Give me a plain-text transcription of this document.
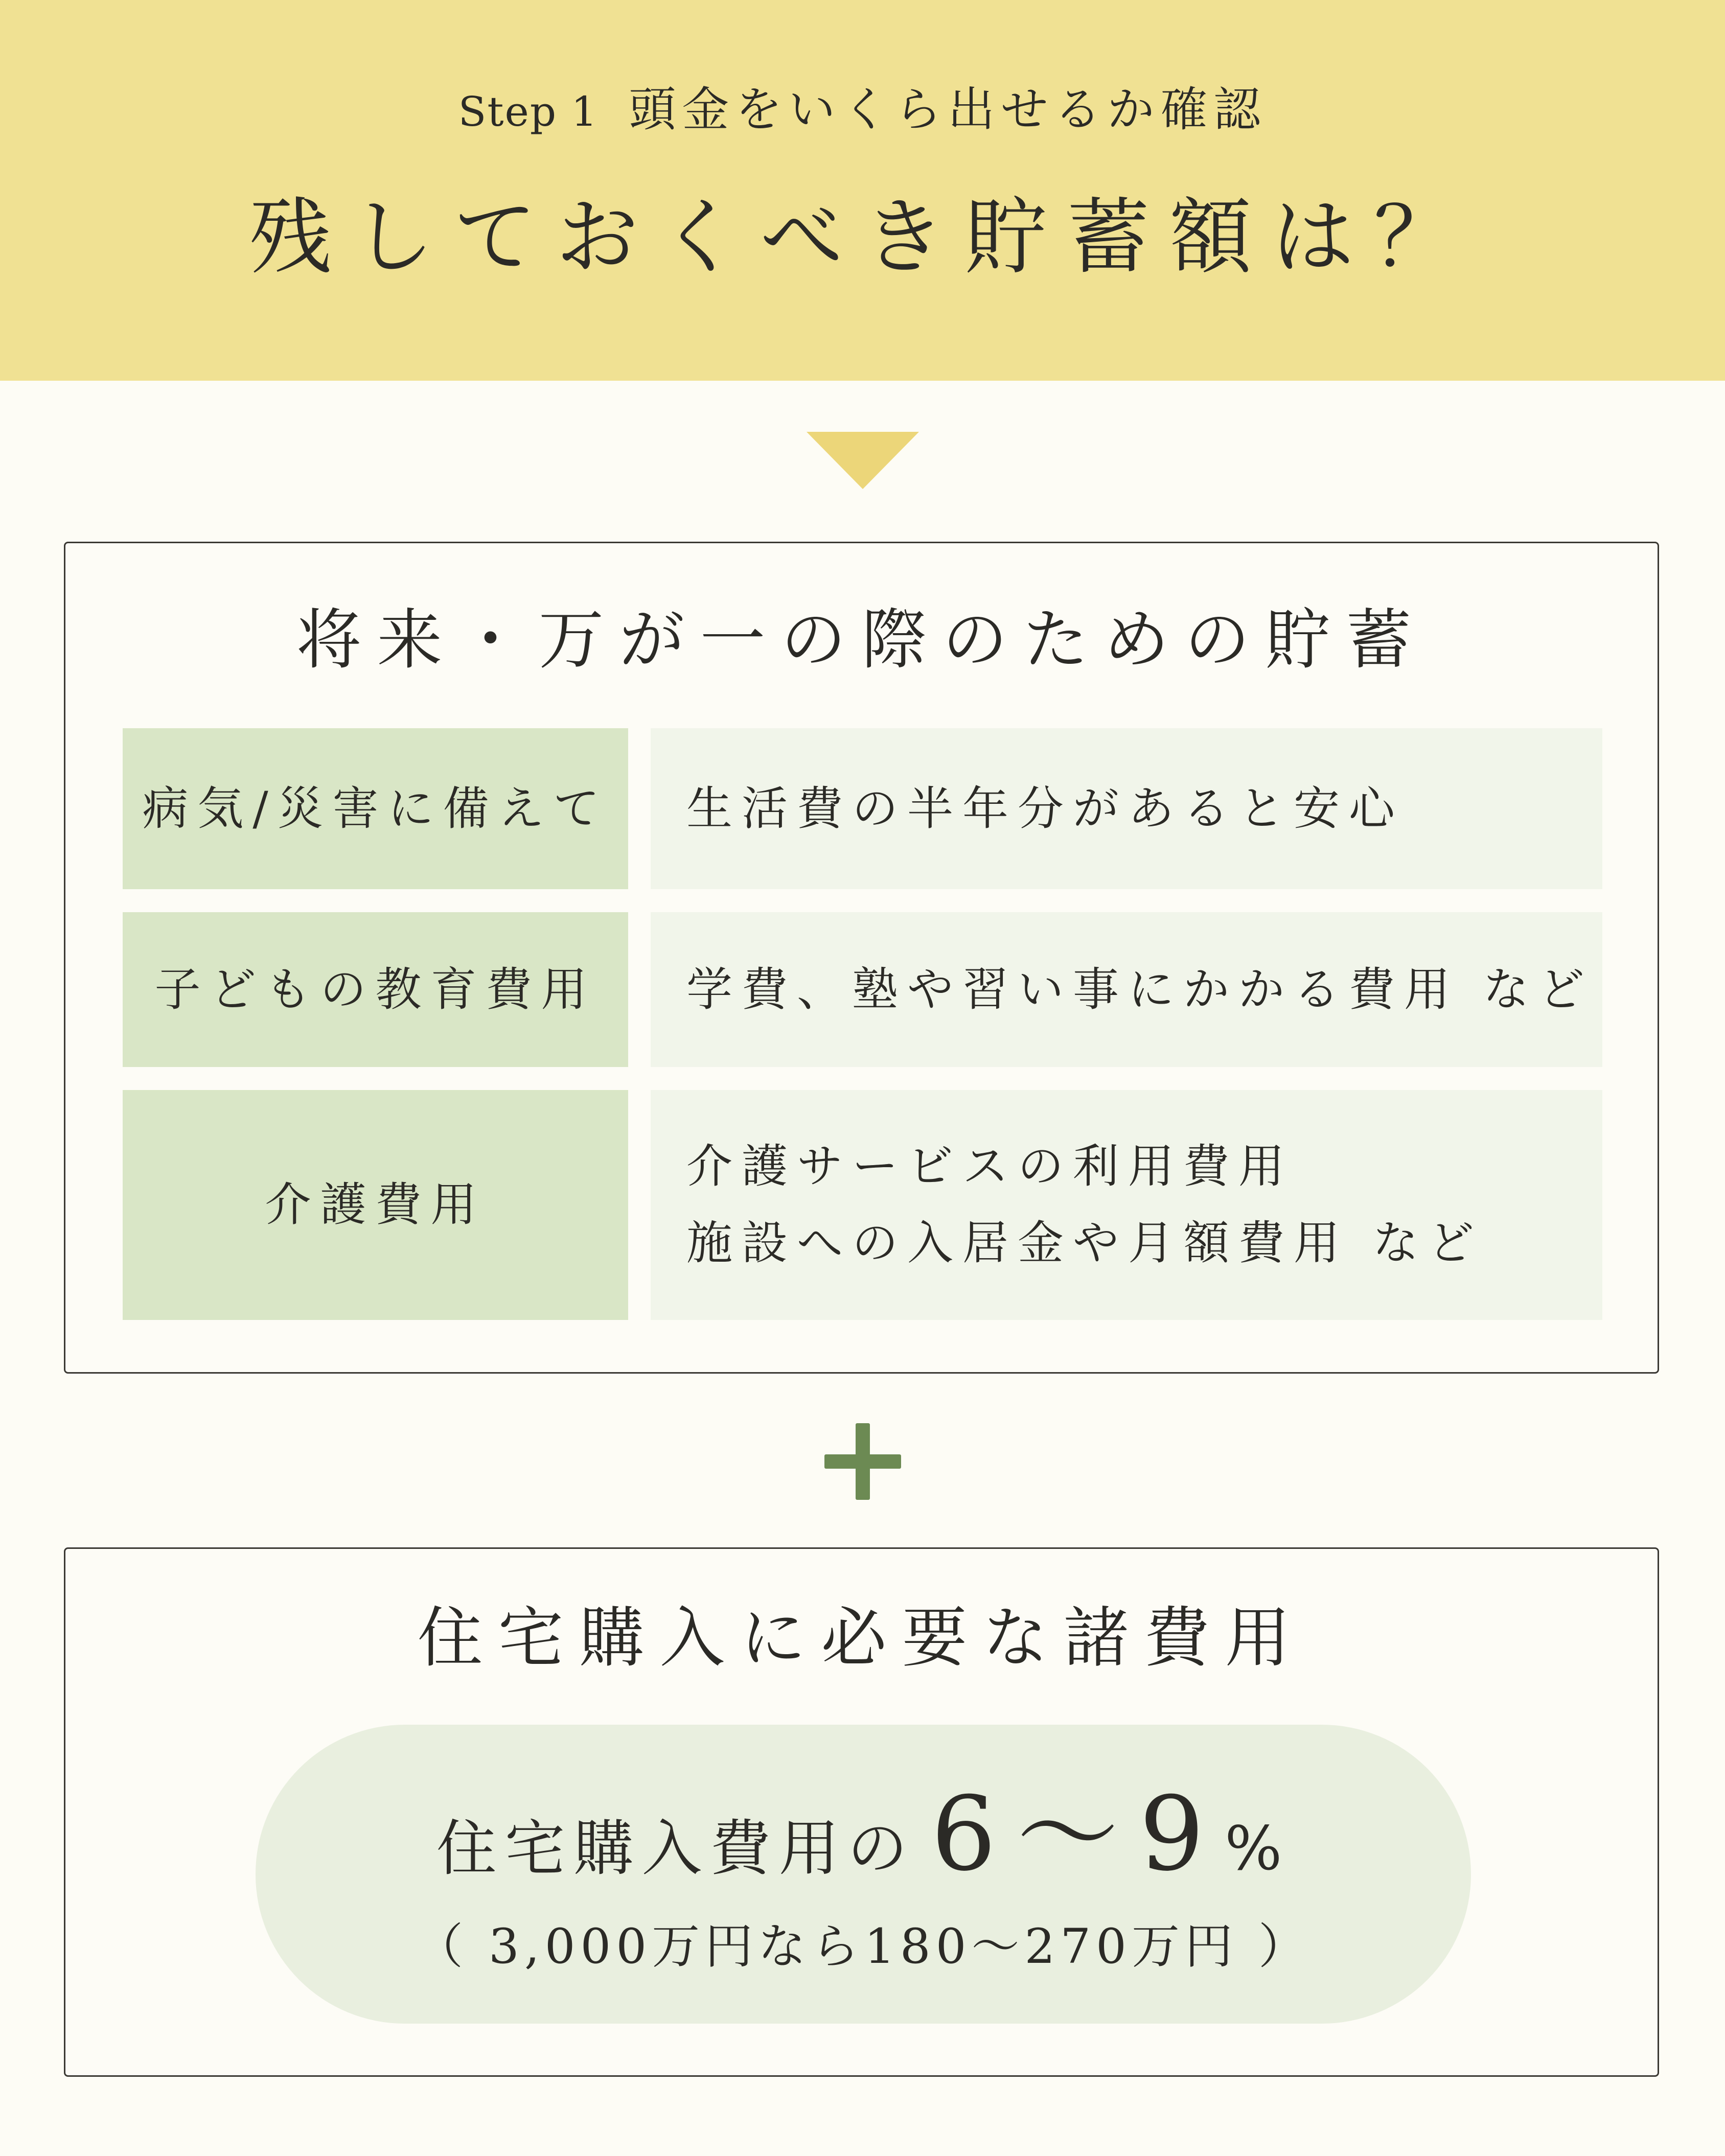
Step 1 頭金をいくら出せるか確認
残しておくべき貯蓄額は？
将来・万が一の際のための貯蓄
病気/災害に備えて 生活費の半年分があると安心
子どもの教育費用 学費、塾や習い事にかかる費用 など
介護費用
介護サービスの利用費用
施設への入居金や月額費用 など
住宅購入に必要な諸費用
住宅購入費用の 6〜9%
（ 3,000万円なら180〜270万円 ）
